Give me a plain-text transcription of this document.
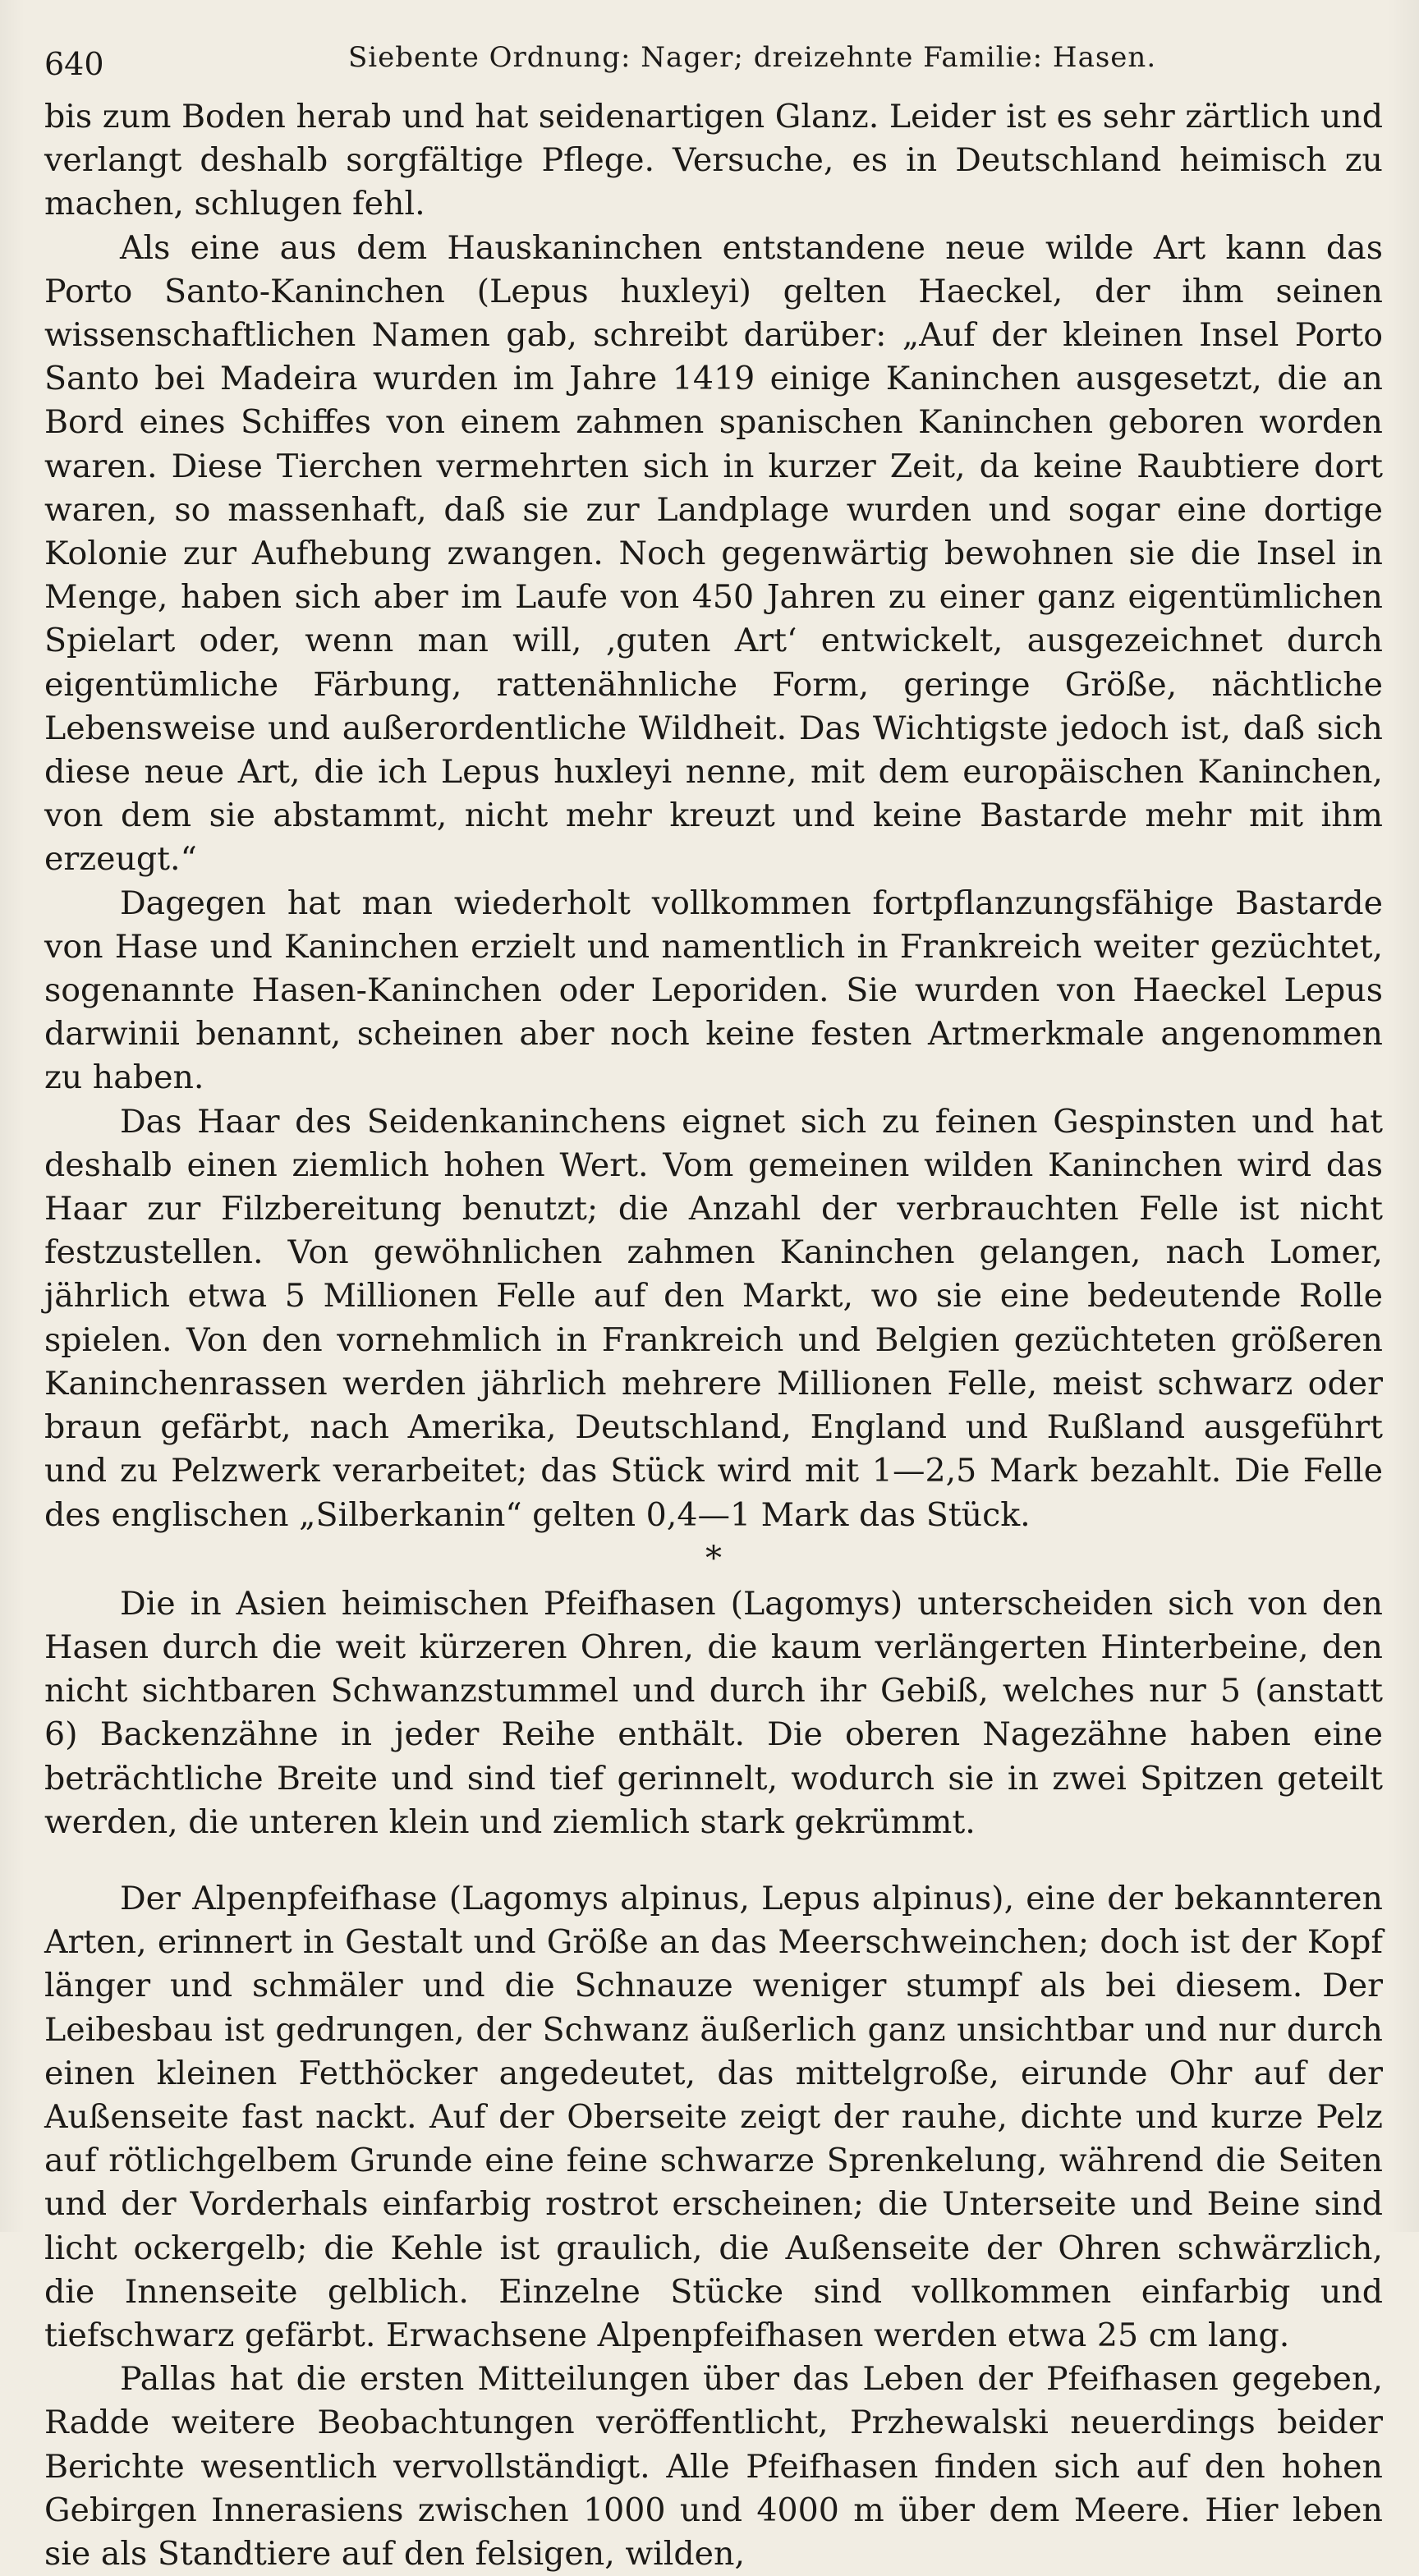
640	Siebente Ordnung: Nager; dreizehnte Familie: Hasen.

bis zum Boden herab und hat seidenartigen Glanz. Leider ist es sehr zärtlich und verlangt deshalb sorgfältige Pflege. Versuche, es in Deutschland heimisch zu machen, schlugen fehl.

Als eine aus dem Hauskaninchen entstandene neue wilde Art kann das Porto Santo-Kaninchen (Lepus huxleyi) gelten Haeckel, der ihm seinen wissenschaftlichen Namen gab, schreibt darüber: „Auf der kleinen Insel Porto Santo bei Madeira wurden im Jahre 1419 einige Kaninchen ausgesetzt, die an Bord eines Schiffes von einem zahmen spanischen Kaninchen geboren worden waren. Diese Tierchen vermehrten sich in kurzer Zeit, da keine Raubtiere dort waren, so massenhaft, daß sie zur Landplage wurden und sogar eine dortige Kolonie zur Aufhebung zwangen. Noch gegenwärtig bewohnen sie die Insel in Menge, haben sich aber im Laufe von 450 Jahren zu einer ganz eigentümlichen Spielart oder, wenn man will, ‚guten Art‘ entwickelt, ausgezeichnet durch eigentümliche Färbung, rattenähnliche Form, geringe Größe, nächtliche Lebensweise und außerordentliche Wildheit. Das Wichtigste jedoch ist, daß sich diese neue Art, die ich Lepus huxleyi nenne, mit dem europäischen Kaninchen, von dem sie abstammt, nicht mehr kreuzt und keine Bastarde mehr mit ihm erzeugt.“

Dagegen hat man wiederholt vollkommen fortpflanzungsfähige Bastarde von Hase und Kaninchen erzielt und namentlich in Frankreich weiter gezüchtet, sogenannte Hasen-Kaninchen oder Leporiden. Sie wurden von Haeckel Lepus darwinii benannt, scheinen aber noch keine festen Artmerkmale angenommen zu haben.

Das Haar des Seidenkaninchens eignet sich zu feinen Gespinsten und hat deshalb einen ziemlich hohen Wert. Vom gemeinen wilden Kaninchen wird das Haar zur Filzbereitung benutzt; die Anzahl der verbrauchten Felle ist nicht festzustellen. Von gewöhnlichen zahmen Kaninchen gelangen, nach Lomer, jährlich etwa 5 Millionen Felle auf den Markt, wo sie eine bedeutende Rolle spielen. Von den vornehmlich in Frankreich und Belgien gezüchteten größeren Kaninchenrassen werden jährlich mehrere Millionen Felle, meist schwarz oder braun gefärbt, nach Amerika, Deutschland, England und Rußland ausgeführt und zu Pelzwerk verarbeitet; das Stück wird mit 1—2,5 Mark bezahlt. Die Felle des englischen „Silberkanin“ gelten 0,4—1 Mark das Stück.

*

Die in Asien heimischen Pfeifhasen (Lagomys) unterscheiden sich von den Hasen durch die weit kürzeren Ohren, die kaum verlängerten Hinterbeine, den nicht sichtbaren Schwanzstummel und durch ihr Gebiß, welches nur 5 (anstatt 6) Backenzähne in jeder Reihe enthält. Die oberen Nagezähne haben eine beträchtliche Breite und sind tief gerinnelt, wodurch sie in zwei Spitzen geteilt werden, die unteren klein und ziemlich stark gekrümmt.

Der Alpenpfeifhase (Lagomys alpinus, Lepus alpinus), eine der bekannteren Arten, erinnert in Gestalt und Größe an das Meerschweinchen; doch ist der Kopf länger und schmäler und die Schnauze weniger stumpf als bei diesem. Der Leibesbau ist gedrungen, der Schwanz äußerlich ganz unsichtbar und nur durch einen kleinen Fetthöcker angedeutet, das mittelgroße, eirunde Ohr auf der Außenseite fast nackt. Auf der Oberseite zeigt der rauhe, dichte und kurze Pelz auf rötlichgelbem Grunde eine feine schwarze Sprenkelung, während die Seiten und der Vorderhals einfarbig rostrot erscheinen; die Unterseite und Beine sind licht ockergelb; die Kehle ist graulich, die Außenseite der Ohren schwärzlich, die Innenseite gelblich. Einzelne Stücke sind vollkommen einfarbig und tiefschwarz gefärbt. Erwachsene Alpenpfeifhasen werden etwa 25 cm lang.

Pallas hat die ersten Mitteilungen über das Leben der Pfeifhasen gegeben, Radde weitere Beobachtungen veröffentlicht, Przhewalski neuerdings beider Berichte wesentlich vervollständigt. Alle Pfeifhasen finden sich auf den hohen Gebirgen Innerasiens zwischen 1000 und 4000 m über dem Meere. Hier leben sie als Standtiere auf den felsigen, wilden,
